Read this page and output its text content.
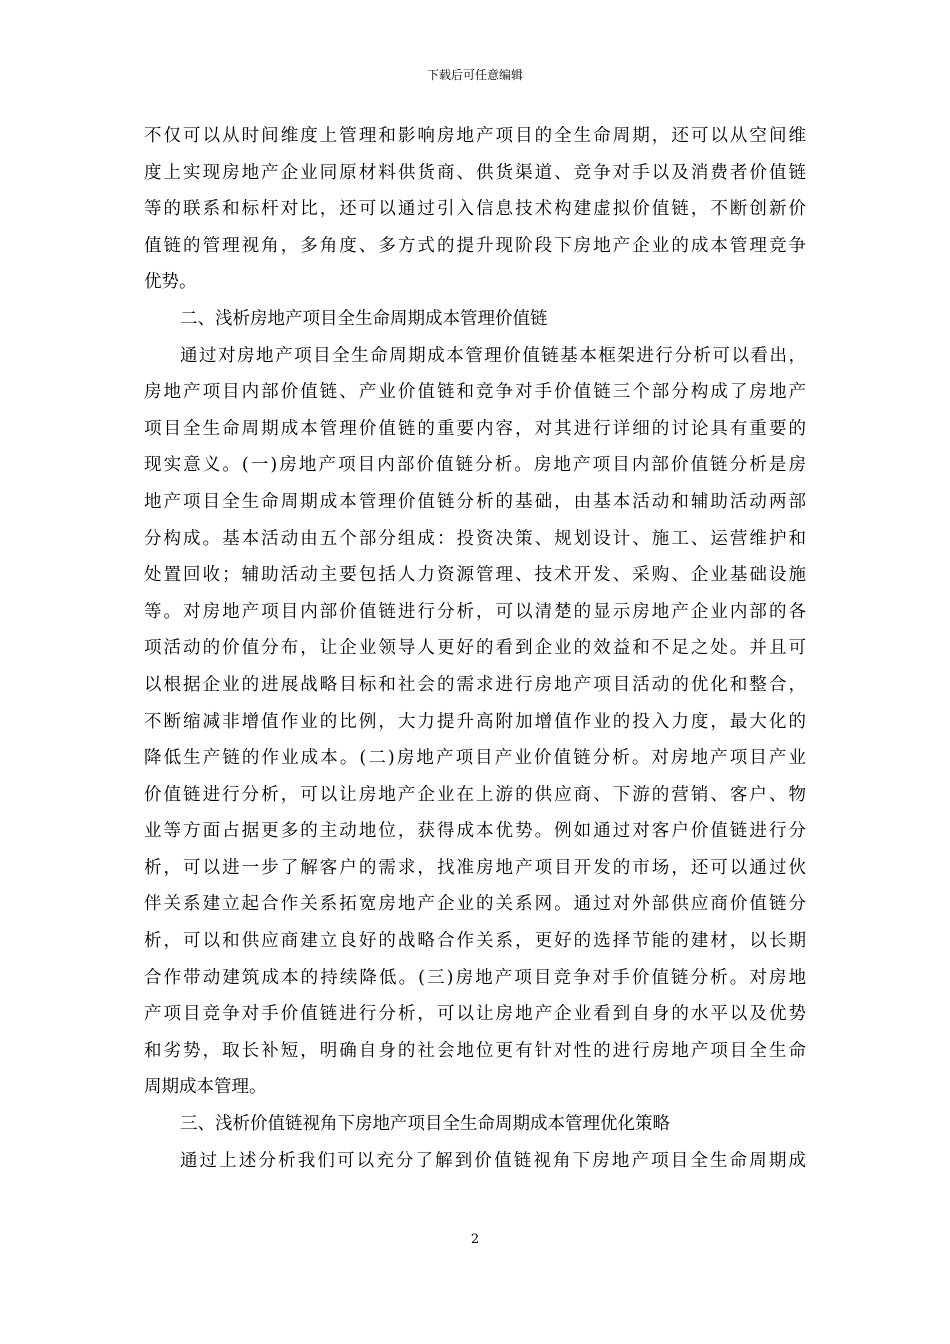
下载后可任意编辑
不仅可以从时间维度上管理和影响房地产项目的全生命周期，还可以从空间维
度上实现房地产企业同原材料供货商、供货渠道、竞争对手以及消费者价值链
等的联系和标杆对比，还可以通过引入信息技术构建虚拟价值链，不断创新价
值链的管理视角，多角度、多方式的提升现阶段下房地产企业的成本管理竞争
优势。
二、浅析房地产项目全生命周期成本管理价值链
通过对房地产项目全生命周期成本管理价值链基本框架进行分析可以看出，
房地产项目内部价值链、产业价值链和竞争对手价值链三个部分构成了房地产
项目全生命周期成本管理价值链的重要内容，对其进行详细的讨论具有重要的
现实意义。(一)房地产项目内部价值链分析。房地产项目内部价值链分析是房
地产项目全生命周期成本管理价值链分析的基础，由基本活动和辅助活动两部
分构成。基本活动由五个部分组成：投资决策、规划设计、施工、运营维护和
处置回收；辅助活动主要包括人力资源管理、技术开发、采购、企业基础设施
等。对房地产项目内部价值链进行分析，可以清楚的显示房地产企业内部的各
项活动的价值分布，让企业领导人更好的看到企业的效益和不足之处。并且可
以根据企业的进展战略目标和社会的需求进行房地产项目活动的优化和整合，
不断缩减非增值作业的比例，大力提升高附加增值作业的投入力度，最大化的
降低生产链的作业成本。(二)房地产项目产业价值链分析。对房地产项目产业
价值链进行分析，可以让房地产企业在上游的供应商、下游的营销、客户、物
业等方面占据更多的主动地位，获得成本优势。例如通过对客户价值链进行分
析，可以进一步了解客户的需求，找准房地产项目开发的市场，还可以通过伙
伴关系建立起合作关系拓宽房地产企业的关系网。通过对外部供应商价值链分
析，可以和供应商建立良好的战略合作关系，更好的选择节能的建材，以长期
合作带动建筑成本的持续降低。(三)房地产项目竞争对手价值链分析。对房地
产项目竞争对手价值链进行分析，可以让房地产企业看到自身的水平以及优势
和劣势，取长补短，明确自身的社会地位更有针对性的进行房地产项目全生命
周期成本管理。
三、浅析价值链视角下房地产项目全生命周期成本管理优化策略
通过上述分析我们可以充分了解到价值链视角下房地产项目全生命周期成
2
